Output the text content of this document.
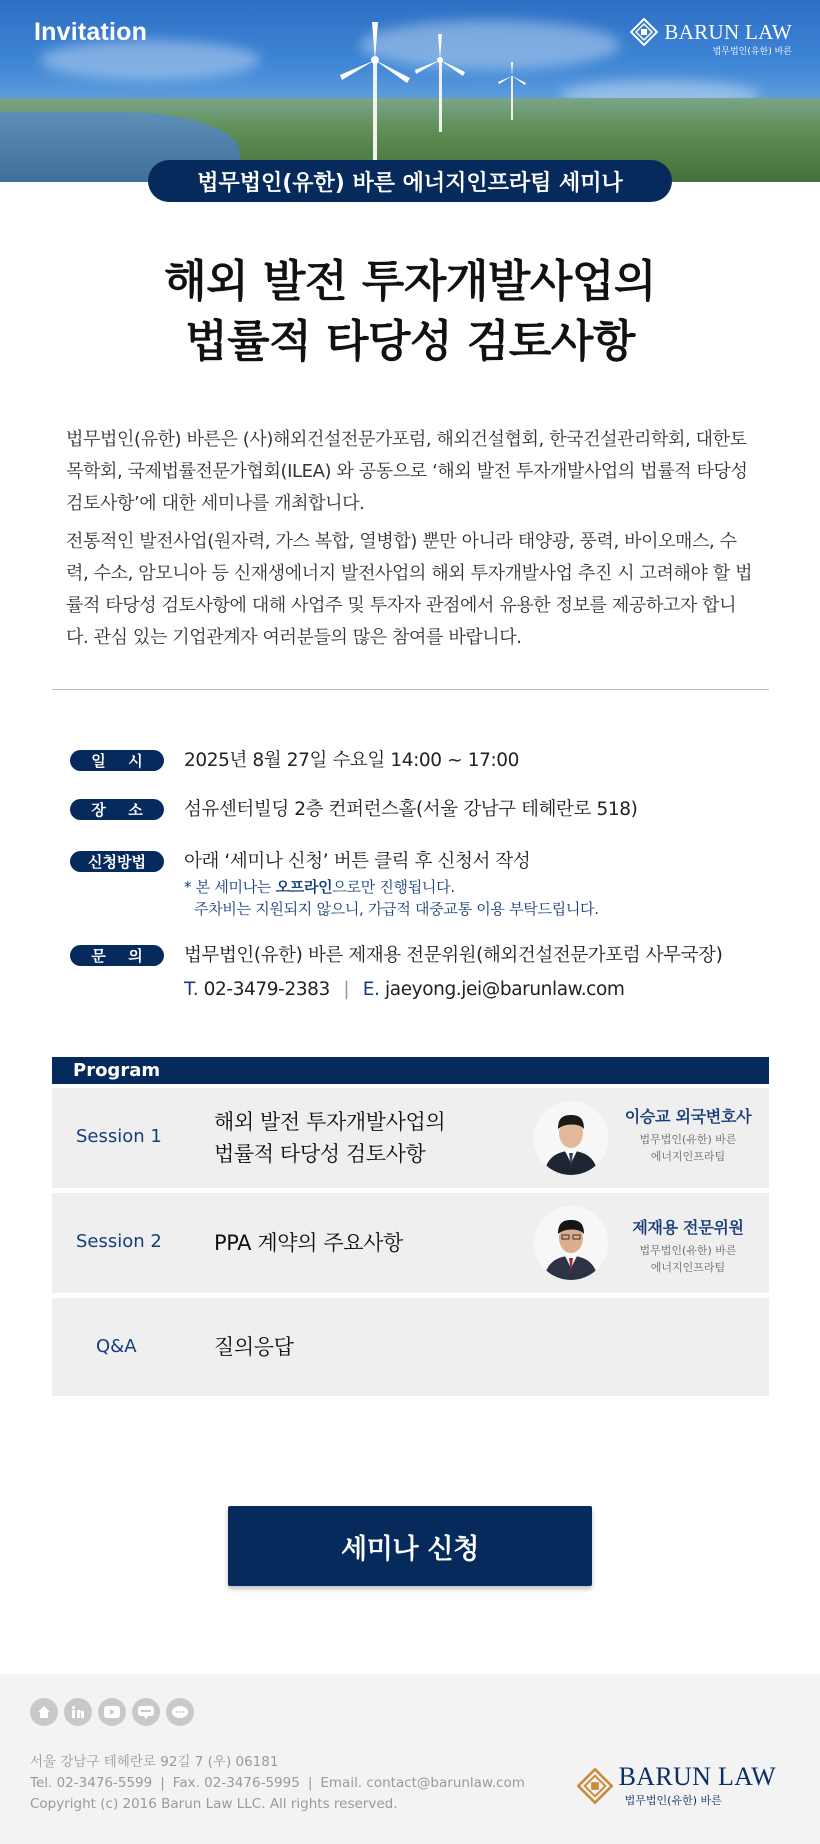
Invitation	BARUN LAW
법무법인(유한) 바른
법무법인(유한) 바른 에너지인프라팀 세미나
해외 발전 투자개발사업의
법률적 타당성 검토사항

법무법인(유한) 바른은 (사)해외건설전문가포럼, 해외건설협회, 한국건설관리학회, 대한토목학회, 국제법률전문가협회(ILEA) 와 공동으로 ‘해외 발전 투자개발사업의 법률적 타당성 검토사항’에 대한 세미나를 개최합니다.

전통적인 발전사업(원자력, 가스 복합, 열병합) 뿐만 아니라 태양광, 풍력, 바이오매스, 수력, 수소, 암모니아 등 신재생에너지 발전사업의 해외 투자개발사업 추진 시 고려해야 할 법률적 타당성 검토사항에 대해 사업주 및 투자자 관점에서 유용한 정보를 제공하고자 합니다. 관심 있는 기업관계자 여러분들의 많은 참여를 바랍니다.

일 시 2025년 8월 27일 수요일 14:00 ~ 17:00
장 소 섬유센터빌딩 2층 컨퍼런스홀(서울 강남구 테헤란로 518)
신청방법	아래 ‘세미나 신청’ 버튼 클릭 후 신청서 작성
* 본 세미나는 오프라인으로만 진행됩니다.
주차비는 지원되지 않으니, 가급적 대중교통 이용 부탁드립니다.
문 의 법무법인(유한) 바른 제재용 전문위원(해외건설전문가포럼 사무국장)
T. 02-3479-2383 | E. jaeyong.jei@barunlaw.com
Program
Session 1
해외 발전 투자개발사업의
법률적 타당성 검토사항
이승교 외국변호사
법무법인(유한) 바른
에너지인프라팀
Session 2 PPA 계약의 주요사항
제재용 전문위원
법무법인(유한) 바른
에너지인프라팀
Q&A	질의응답
세미나 신청
서울 강남구 테헤란로 92길 7 (우) 06181
Tel. 02-3476-5599 | Fax. 02-3476-5995 | Email. contact@barunlaw.com
Copyright (c) 2016 Barun Law LLC. All rights reserved.
BARUN LAW
법무법인(유한) 바른
